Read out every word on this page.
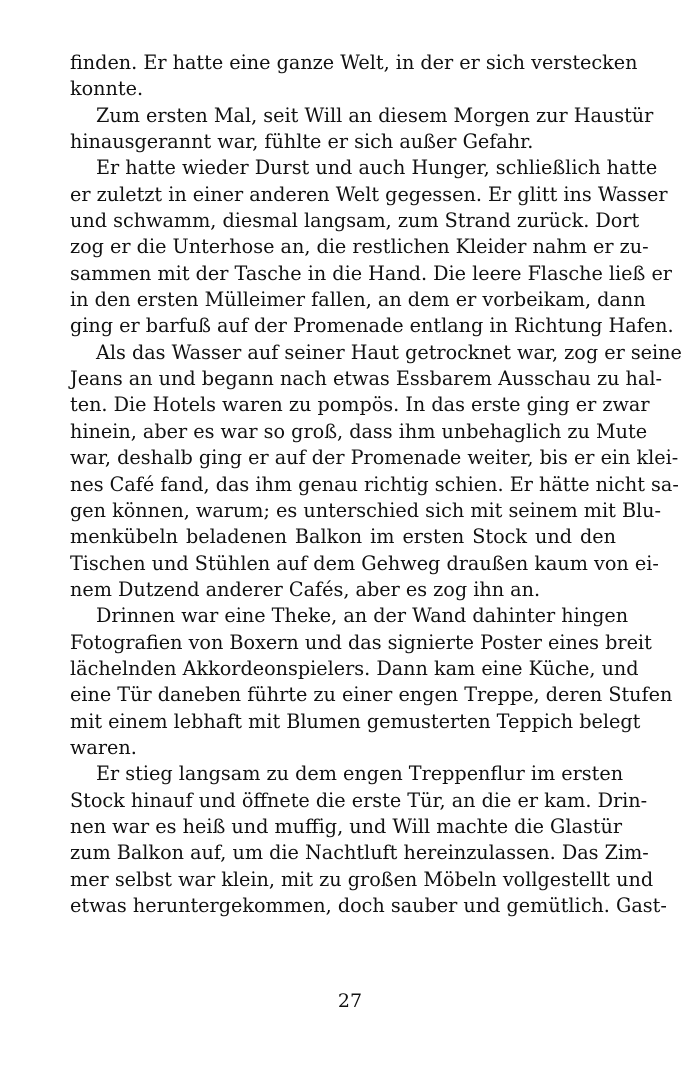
finden. Er hatte eine ganze Welt, in der er sich verstecken
konnte.
Zum ersten Mal, seit Will an diesem Morgen zur Haustür
hinausgerannt war, fühlte er sich außer Gefahr.
Er hatte wieder Durst und auch Hunger, schließlich hatte
er zuletzt in einer anderen Welt gegessen. Er glitt ins Wasser
und schwamm, diesmal langsam, zum Strand zurück. Dort
zog er die Unterhose an, die restlichen Kleider nahm er zu-
sammen mit der Tasche in die Hand. Die leere Flasche ließ er
in den ersten Mülleimer fallen, an dem er vorbeikam, dann
ging er barfuß auf der Promenade entlang in Richtung Hafen.
Als das Wasser auf seiner Haut getrocknet war, zog er seine
Jeans an und begann nach etwas Essbarem Ausschau zu hal-
ten. Die Hotels waren zu pompös. In das erste ging er zwar
hinein, aber es war so groß, dass ihm unbehaglich zu Mute
war, deshalb ging er auf der Promenade weiter, bis er ein klei-
nes Café fand, das ihm genau richtig schien. Er hätte nicht sa-
gen können, warum; es unterschied sich mit seinem mit Blu-
menkübeln beladenen Balkon im ersten Stock und den
Tischen und Stühlen auf dem Gehweg draußen kaum von ei-
nem Dutzend anderer Cafés, aber es zog ihn an.
Drinnen war eine Theke, an der Wand dahinter hingen
Fotografien von Boxern und das signierte Poster eines breit
lächelnden Akkordeonspielers. Dann kam eine Küche, und
eine Tür daneben führte zu einer engen Treppe, deren Stufen
mit einem lebhaft mit Blumen gemusterten Teppich belegt
waren.
Er stieg langsam zu dem engen Treppenflur im ersten
Stock hinauf und öffnete die erste Tür, an die er kam. Drin-
nen war es heiß und muffig, und Will machte die Glastür
zum Balkon auf, um die Nachtluft hereinzulassen. Das Zim-
mer selbst war klein, mit zu großen Möbeln vollgestellt und
etwas heruntergekommen, doch sauber und gemütlich. Gast-
27
